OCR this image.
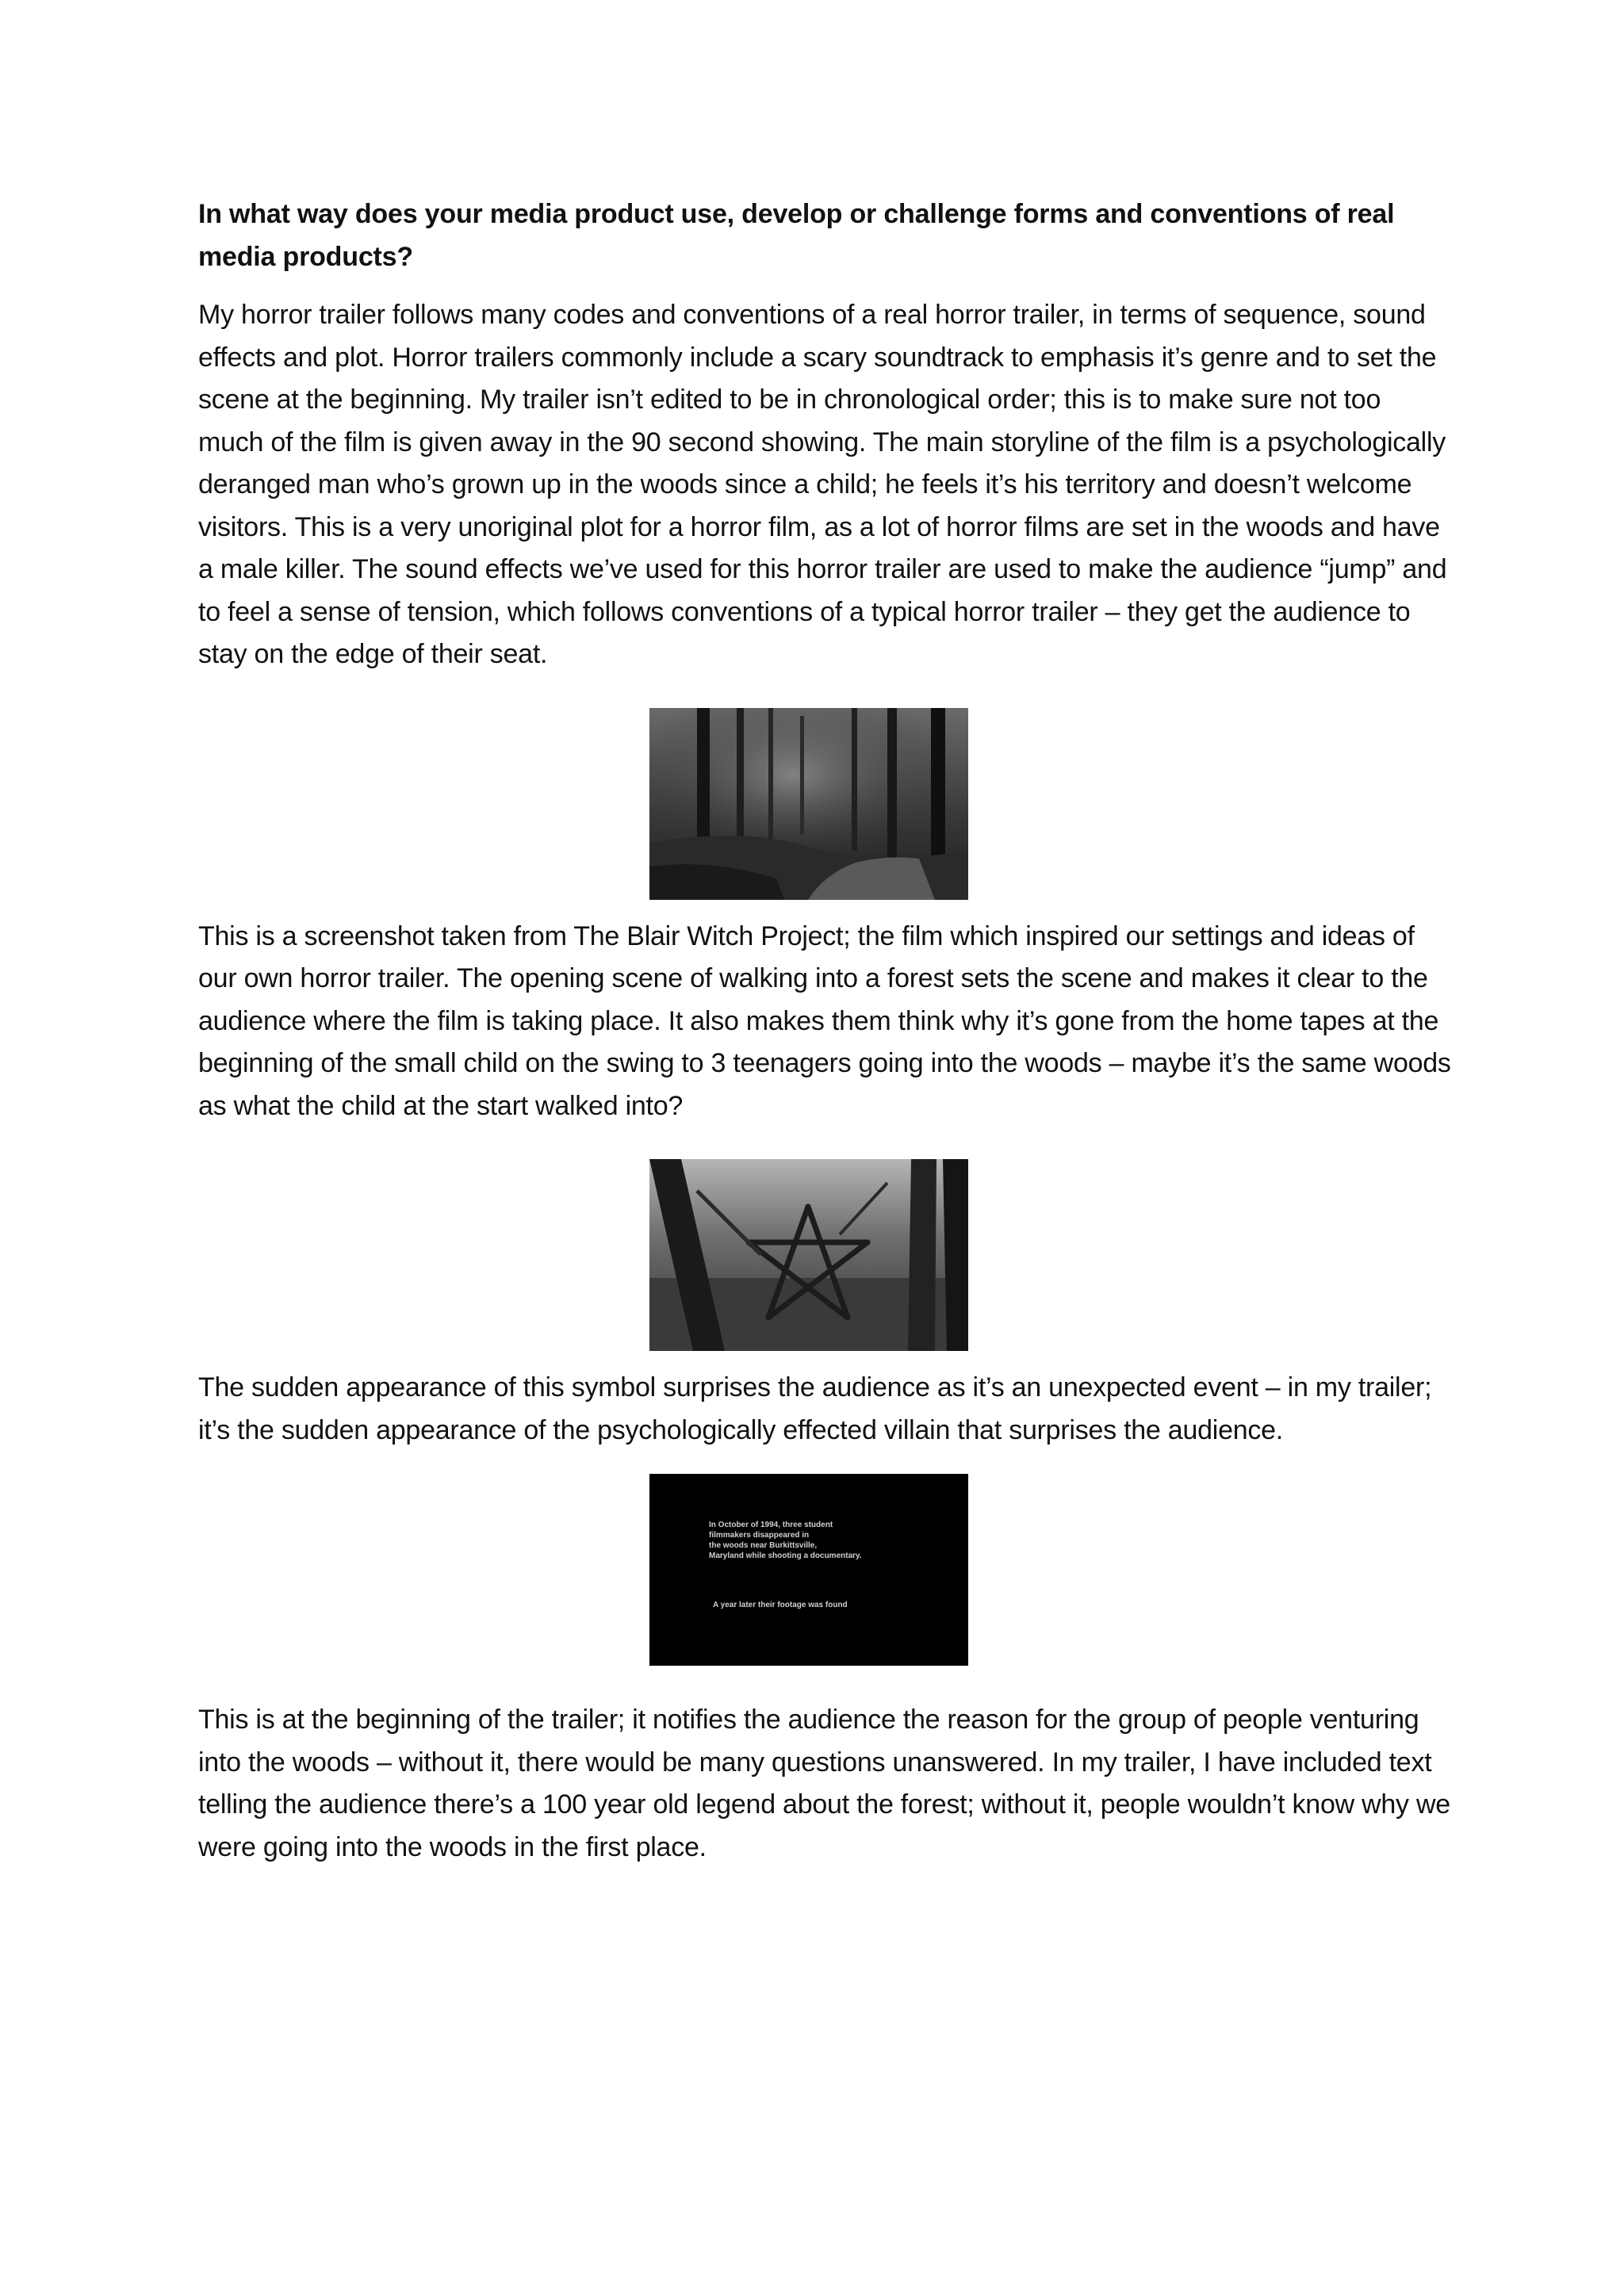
In what way does your media product use, develop or challenge forms and conventions of real media products?

My horror trailer follows many codes and conventions of a real horror trailer, in terms of sequence, sound effects and plot. Horror trailers commonly include a scary soundtrack to emphasis it’s genre and to set the scene at the beginning. My trailer isn’t edited to be in chronological order; this is to make sure not too much of the film is given away in the 90 second showing. The main storyline of the film is a psychologically deranged man who’s grown up in the woods since a child; he feels it’s his territory and doesn’t welcome visitors. This is a very unoriginal plot for a horror film, as a lot of horror films are set in the woods and have a male killer. The sound effects we’ve used for this horror trailer are used to make the audience “jump” and to feel a sense of tension, which follows conventions of a typical horror trailer – they get the audience to stay on the edge of their seat.

This is a screenshot taken from The Blair Witch Project; the film which inspired our settings and ideas of our own horror trailer. The opening scene of walking into a forest sets the scene and makes it clear to the audience where the film is taking place. It also makes them think why it’s gone from the home tapes at the beginning of the small child on the swing to 3 teenagers going into the woods – maybe it’s the same woods as what the child at the start walked into?

The sudden appearance of this symbol surprises the audience as it’s an unexpected event – in my trailer; it’s the sudden appearance of the psychologically effected villain that surprises the audience.

In October of 1994, three student
filmmakers disappeared in
the woods near Burkittsville,
Maryland while shooting a documentary.
A year later their footage was found

This is at the beginning of the trailer; it notifies the audience the reason for the group of people venturing into the woods – without it, there would be many questions unanswered. In my trailer, I have included text telling the audience there’s a 100 year old legend about the forest; without it, people wouldn’t know why we were going into the woods in the first place.
